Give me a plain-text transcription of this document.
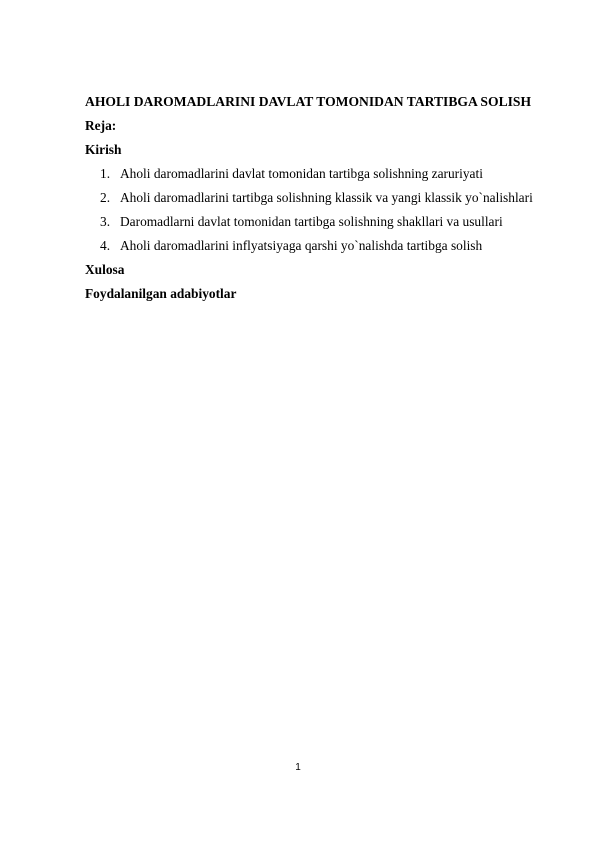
AHOLI DAROMADLARINI DAVLAT TOMONIDAN TARTIBGA SOLISH
Reja:
Kirish
1. Aholi daromadlarini davlat tomonidan tartibga solishning zaruriyati
2. Aholi daromadlarini tartibga solishning klassik va yangi klassik yo`nalishlari
3. Daromadlarni davlat tomonidan tartibga solishning shakllari va usullari
4. Aholi daromadlarini inflyatsiyaga qarshi yo`nalishda tartibga solish
Xulosa
Foydalanilgan adabiyotlar
1
